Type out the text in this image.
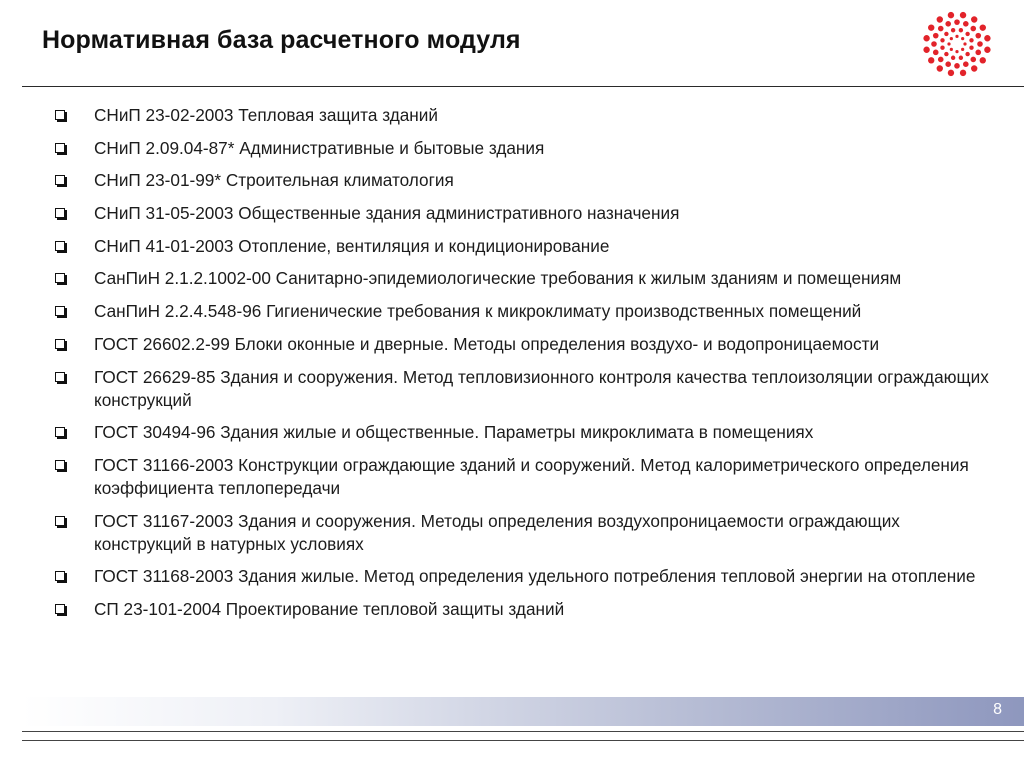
Нормативная база расчетного модуля
СНиП 23-02-2003 Тепловая защита зданий
СНиП 2.09.04-87* Административные и бытовые здания
СНиП 23-01-99* Строительная климатология
СНиП 31-05-2003 Общественные здания административного назначения
СНиП 41-01-2003 Отопление, вентиляция и кондиционирование
СанПиН 2.1.2.1002-00 Санитарно-эпидемиологические требования к жилым зданиям и помещениям
СанПиН 2.2.4.548-96 Гигиенические требования к микроклимату производственных помещений
ГОСТ 26602.2-99 Блоки оконные и дверные. Методы определения воздухо- и водопроницаемости
ГОСТ 26629-85 Здания и сооружения. Метод тепловизионного контроля качества теплоизоляции ограждающих конструкций
ГОСТ 30494-96 Здания жилые и общественные. Параметры микроклимата в помещениях
ГОСТ 31166-2003 Конструкции ограждающие зданий и сооружений. Метод калориметрического определения коэффициента теплопередачи
ГОСТ 31167-2003 Здания и сооружения. Методы определения воздухопроницаемости ограждающих конструкций в натурных условиях
ГОСТ 31168-2003 Здания жилые. Метод определения удельного потребления тепловой энергии на отопление
СП 23-101-2004 Проектирование тепловой защиты зданий
8
